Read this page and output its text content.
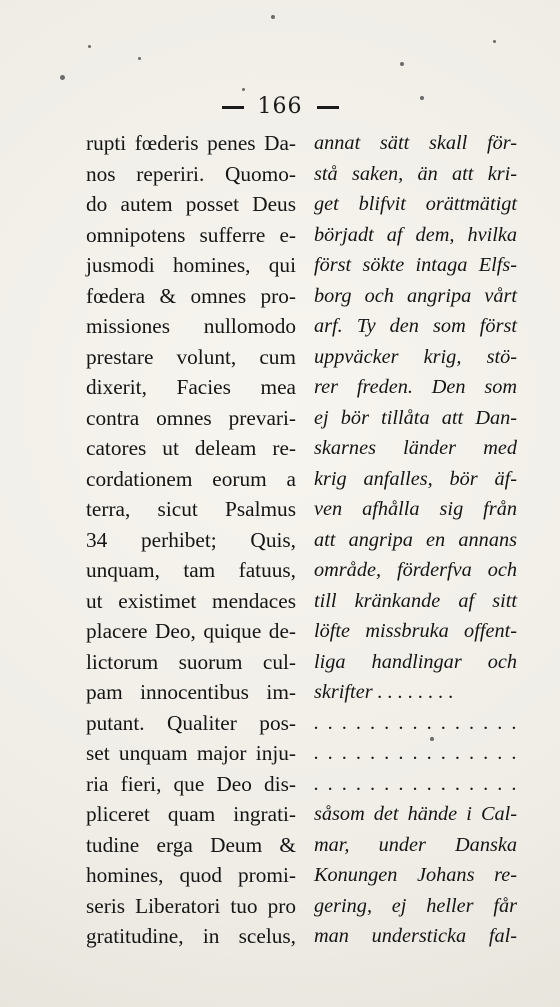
166
rupti fœderis penes Da-
nos reperiri. Quomo-
do autem posset Deus
omnipotens sufferre e-
jusmodi homines, qui
fœdera & omnes pro-
missiones nullomodo
prestare volunt, cum
dixerit, Facies mea
contra omnes prevari-
catores ut deleam re-
cordationem eorum a
terra, sicut Psalmus
34 perhibet; Quis,
unquam, tam fatuus,
ut existimet mendaces
placere Deo, quique de-
lictorum suorum cul-
pam innocentibus im-
putant. Qualiter pos-
set unquam major inju-
ria fieri, que Deo dis-
pliceret quam ingrati-
tudine erga Deum &
homines, quod promi-
seris Liberatori tuo pro
gratitudine, in scelus,
annat sätt skall för-
stå saken, än att kri-
get blifvit orättmätigt
börjadt af dem, hvilka
först sökte intaga Elfs-
borg och angripa vårt
arf. Ty den som först
uppväcker krig, stö-
rer freden. Den som
ej bör tillåta att Dan-
skarnes länder med
krig anfalles, bör äf-
ven afhålla sig från
att angripa en annans
område, förderfva och
till kränkande af sitt
löfte missbruka offent-
liga handlingar och
skrifter . . . . . . . .
. . . . . . . . . . . . . . .
. . . . . . . . . . . . . . .
. . . . . . . . . . . . . . .
såsom det hände i Cal-
mar, under Danska
Konungen Johans re-
gering, ej heller får
man understicka fal-
